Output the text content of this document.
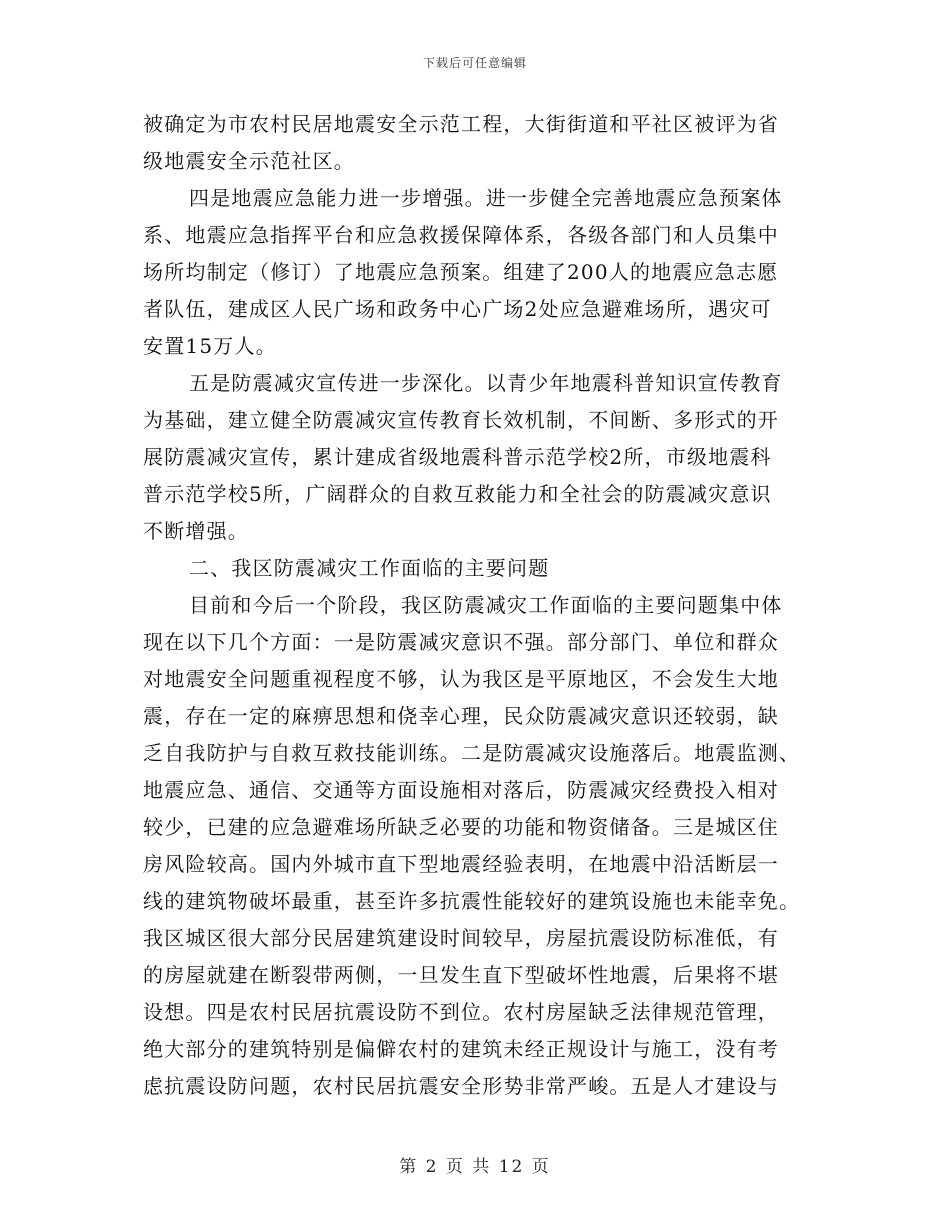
下载后可任意编辑
被确定为市农村民居地震安全示范工程，大街街道和平社区被评为省
级地震安全示范社区。
四是地震应急能力进一步增强。进一步健全完善地震应急预案体
系、地震应急指挥平台和应急救援保障体系，各级各部门和人员集中
场所均制定（修订）了地震应急预案。组建了200人的地震应急志愿
者队伍，建成区人民广场和政务中心广场2处应急避难场所，遇灾可
安置15万人。
五是防震减灾宣传进一步深化。以青少年地震科普知识宣传教育
为基础，建立健全防震减灾宣传教育长效机制，不间断、多形式的开
展防震减灾宣传，累计建成省级地震科普示范学校2所，市级地震科
普示范学校5所，广阔群众的自救互救能力和全社会的防震减灾意识
不断增强。
二、我区防震减灾工作面临的主要问题
目前和今后一个阶段，我区防震减灾工作面临的主要问题集中体
现在以下几个方面：一是防震减灾意识不强。部分部门、单位和群众
对地震安全问题重视程度不够，认为我区是平原地区，不会发生大地
震，存在一定的麻痹思想和侥幸心理，民众防震减灾意识还较弱，缺
乏自我防护与自救互救技能训练。二是防震减灾设施落后。地震监测、
地震应急、通信、交通等方面设施相对落后，防震减灾经费投入相对
较少，已建的应急避难场所缺乏必要的功能和物资储备。三是城区住
房风险较高。国内外城市直下型地震经验表明，在地震中沿活断层一
线的建筑物破坏最重，甚至许多抗震性能较好的建筑设施也未能幸免。
我区城区很大部分民居建筑建设时间较早，房屋抗震设防标准低，有
的房屋就建在断裂带两侧，一旦发生直下型破坏性地震，后果将不堪
设想。四是农村民居抗震设防不到位。农村房屋缺乏法律规范管理，
绝大部分的建筑特别是偏僻农村的建筑未经正规设计与施工，没有考
虑抗震设防问题，农村民居抗震安全形势非常严峻。五是人才建设与
第 2 页 共 12 页
